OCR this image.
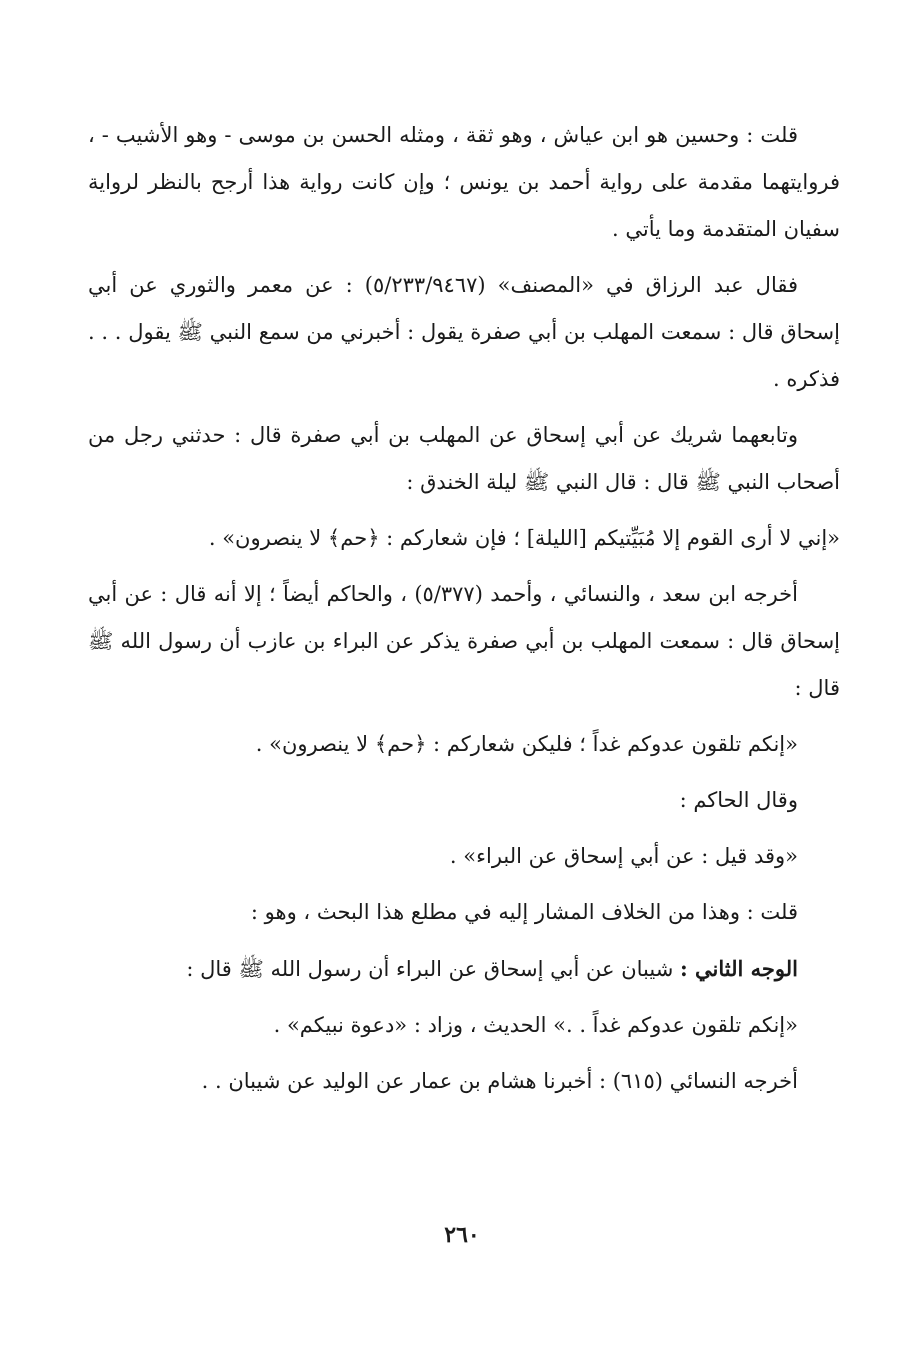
قلت : وحسين هو ابن عياش ، وهو ثقة ، ومثله الحسن بن موسى - وهو الأشيب - ، فروايتهما مقدمة على رواية أحمد بن يونس ؛ وإن كانت رواية هذا أرجح بالنظر لرواية سفيان المتقدمة وما يأتي .

فقال عبد الرزاق في «المصنف» (٥/٢٣٣/٩٤٦٧) : عن معمر والثوري عن أبي إسحاق قال : سمعت المهلب بن أبي صفرة يقول : أخبرني من سمع النبي ﷺ يقول . . . فذكره .

وتابعهما شريك عن أبي إسحاق عن المهلب بن أبي صفرة قال : حدثني رجل من أصحاب النبي ﷺ قال : قال النبي ﷺ ليلة الخندق :

«إني لا أرى القوم إلا مُبَيِّتيكم [الليلة] ؛ فإن شعاركم : ﴿حم﴾ لا ينصرون» .

أخرجه ابن سعد ، والنسائي ، وأحمد (٥/٣٧٧) ، والحاكم أيضاً ؛ إلا أنه قال : عن أبي إسحاق قال : سمعت المهلب بن أبي صفرة يذكر عن البراء بن عازب أن رسول الله ﷺ قال :

«إنكم تلقون عدوكم غداً ؛ فليكن شعاركم : ﴿حم﴾ لا ينصرون» .

وقال الحاكم :

«وقد قيل : عن أبي إسحاق عن البراء» .

قلت : وهذا من الخلاف المشار إليه في مطلع هذا البحث ، وهو :

الوجه الثاني : شيبان عن أبي إسحاق عن البراء أن رسول الله ﷺ قال :

«إنكم تلقون عدوكم غداً . .» الحديث ، وزاد : «دعوة نبيكم» .

أخرجه النسائي (٦١٥) : أخبرنا هشام بن عمار عن الوليد عن شيبان . .

٢٦٠
